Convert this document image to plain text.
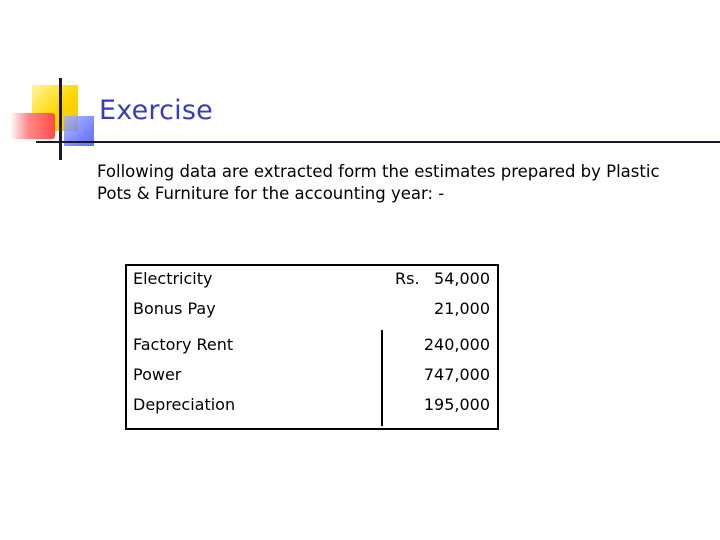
Exercise

Following data are extracted form the estimates prepared by Plastic Pots & Furniture for the accounting year: -

Electricity	Rs. 54,000
Bonus Pay	21,000
Factory Rent	240,000
Power	747,000
Depreciation	195,000
